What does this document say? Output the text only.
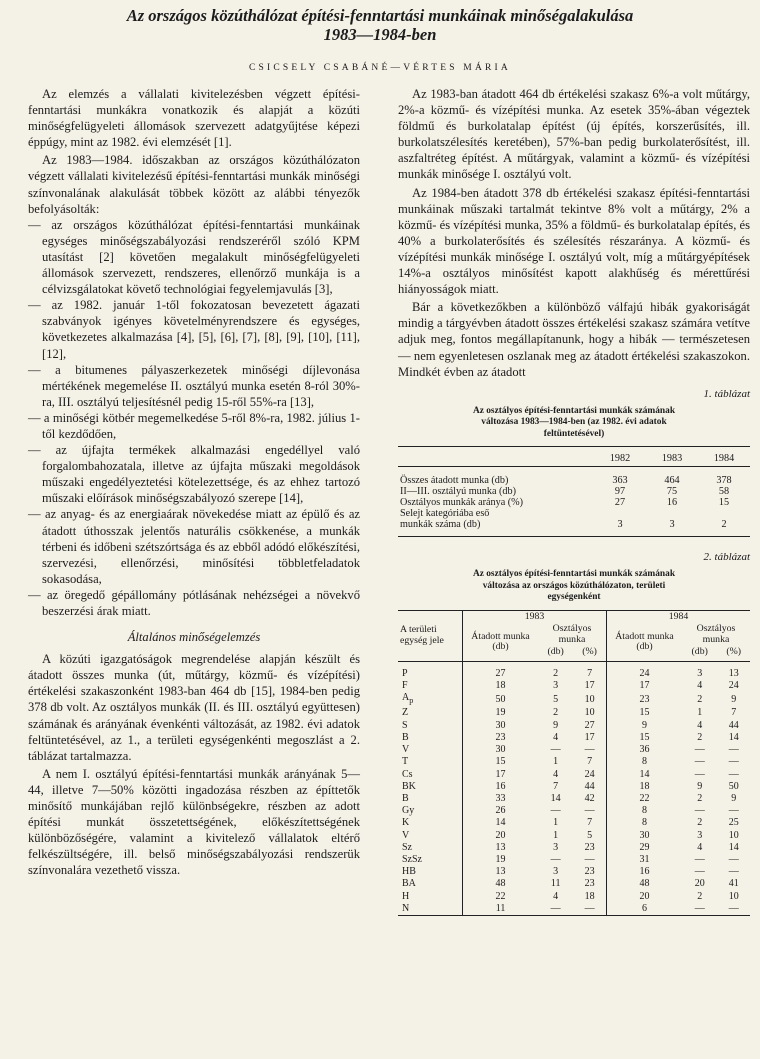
Az országos közúthálózat építési-fenntartási munkáinak minőségalakulása
1983—1984-ben
CSICSELY CSABÁNÉ—VÉRTES MÁRIA

Az elemzés a vállalati kivitelezésben végzett építési-fenntartási munkákra vonatkozik és alapját a közúti minőségfelügyeleti állomások szervezett adatgyűjtése képezi éppúgy, mint az 1982. évi elemzését [1].

Az 1983—1984. időszakban az országos közúthálózaton végzett vállalati kivitelezésű építési-fenntartási munkák minőségi színvonalának alakulását többek között az alábbi tényezők befolyásolták:

— az országos közúthálózat építési-fenntartási munkáinak egységes minőségszabályozási rendszeréről szóló KPM utasítást [2] követően megalakult minőségfelügyeleti állomások szervezett, rendszeres, ellenőrző munkája is a célvizsgálatokat követő technológiai fegyelemjavulás [3],
— az 1982. január 1-től fokozatosan bevezetett ágazati szabványok igényes követelményrendszere és egységes, következetes alkalmazása [4], [5], [6], [7], [8], [9], [10], [11], [12],
— a bitumenes pályaszerkezetek minőségi díjlevonása mértékének megemelése II. osztályú munka esetén 8-ról 30%-ra, III. osztályú teljesítésnél pedig 15-ről 55%-ra [13],
— a minőségi kötbér megemelkedése 5-ről 8%-ra, 1982. július 1-től kezdődően,
— az újfajta termékek alkalmazási engedéllyel való forgalombahozatala, illetve az újfajta műszaki megoldások műszaki engedélyeztetési kötelezettsége, és az ehhez tartozó műszaki előírások minőségszabályozó szerepe [14],
— az anyag- és az energiaárak növekedése miatt az épülő és az átadott úthosszak jelentős naturális csökkenése, a munkák térbeni és időbeni szétszórtsága és az ebből adódó előkészítési, szervezési, ellenőrzési, minősítési többletfeladatok sokasodása,
— az öregedő gépállomány pótlásának nehézségei a növekvő beszerzési árak miatt.
Általános minőségelemzés

A közúti igazgatóságok megrendelése alapján készült és átadott összes munka (út, műtárgy, közmű- és vízépítési) értékelési szakaszonként 1983-ban 464 db [15], 1984-ben pedig 378 db volt. Az osztályos munkák (II. és III. osztályú együttesen) számának és arányának évenkénti változását, az 1982. évi adatok feltüntetésével, az 1., a területi egységenkénti megoszlást a 2. táblázat tartalmazza.

A nem I. osztályú építési-fenntartási munkák arányának 5—44, illetve 7—50% közötti ingadozása részben az építtetők minősítő munkájában rejlő különbségekre, részben az adott építési munkát összetettségének, előkészítettségének különbözőségére, valamint a kivitelező vállalatok eltérő felkészültségére, ill. belső minőségszabályozási rendszerük színvonalára vezethető vissza.

Az 1983-ban átadott 464 db értékelési szakasz 6%-a volt műtárgy, 2%-a közmű- és vízépítési munka. Az esetek 35%-ában végeztek földmű és burkolatalap építést (új építés, korszerűsítés, ill. burkolatszélesítés keretében), 57%-ban pedig burkolaterősítést, ill. aszfaltréteg építést. A műtárgyak, valamint a közmű- és vízépítési munkák minősége I. osztályú volt.

Az 1984-ben átadott 378 db értékelési szakasz építési-fenntartási munkáinak műszaki tartalmát tekintve 8% volt a műtárgy, 2% a közmű- és vízépítési munka, 35% a földmű- és burkolatalap építés, és 40% a burkolaterősítés és szélesítés részaránya. A közmű- és vízépítési munkák minősége I. osztályú volt, míg a műtárgyépítések 14%-a osztályos minősítést kapott alakhűség és mérettűrési hiányosságok miatt.

Bár a következőkben a különböző válfajú hibák gyakoriságát mindig a tárgyévben átadott összes értékelési szakasz számára vetítve adjuk meg, fontos megállapítanunk, hogy a hibák — természetesen — nem egyenletesen oszlanak meg az átadott értékelési szakaszokon. Mindkét évben az átadott

1. táblázat
Az osztályos építési-fenntartási munkák számának
változása 1983—1984-ben (az 1982. évi adatok
feltüntetésével)
	1982	1983	1984
Összes átadott munka (db)	363	464	378
II—III. osztályú munka (db)	97	75	58
Osztályos munkák aránya (%)	27	16	15
Selejt kategóriába eső			
munkák száma (db)	3	3	2
2. táblázat
Az osztályos építési-fenntartási munkák számának
változása az országos közúthálózaton, területi
egységenként
A területi egység jele	1983			1984		
	Átadott munka (db)	Osztályos munka		Átadott munka (db)	Osztályos munka	
		(db)	(%)		(db)	(%)
P	27	2	7	24	3	13
F	18	3	17	17	4	24
$A_p$	50	5	10	23	2	9
Z	19	2	10	15	1	7
S	30	9	27	9	4	44
B	23	4	17	15	2	14
V	30	—	—	36	—	—
T	15	1	7	8	—	—
Cs	17	4	24	14	—	—
BK	16	7	44	18	9	50
B	33	14	42	22	2	9
Gy	26	—	—	8	—	—
K	14	1	7	8	2	25
V	20	1	5	30	3	10
Sz	13	3	23	29	4	14
SzSz	19	—	—	31	—	—
HB	13	3	23	16	—	—
BA	48	11	23	48	20	41
H	22	4	18	20	2	10
N	11	—	—	6	—	—
